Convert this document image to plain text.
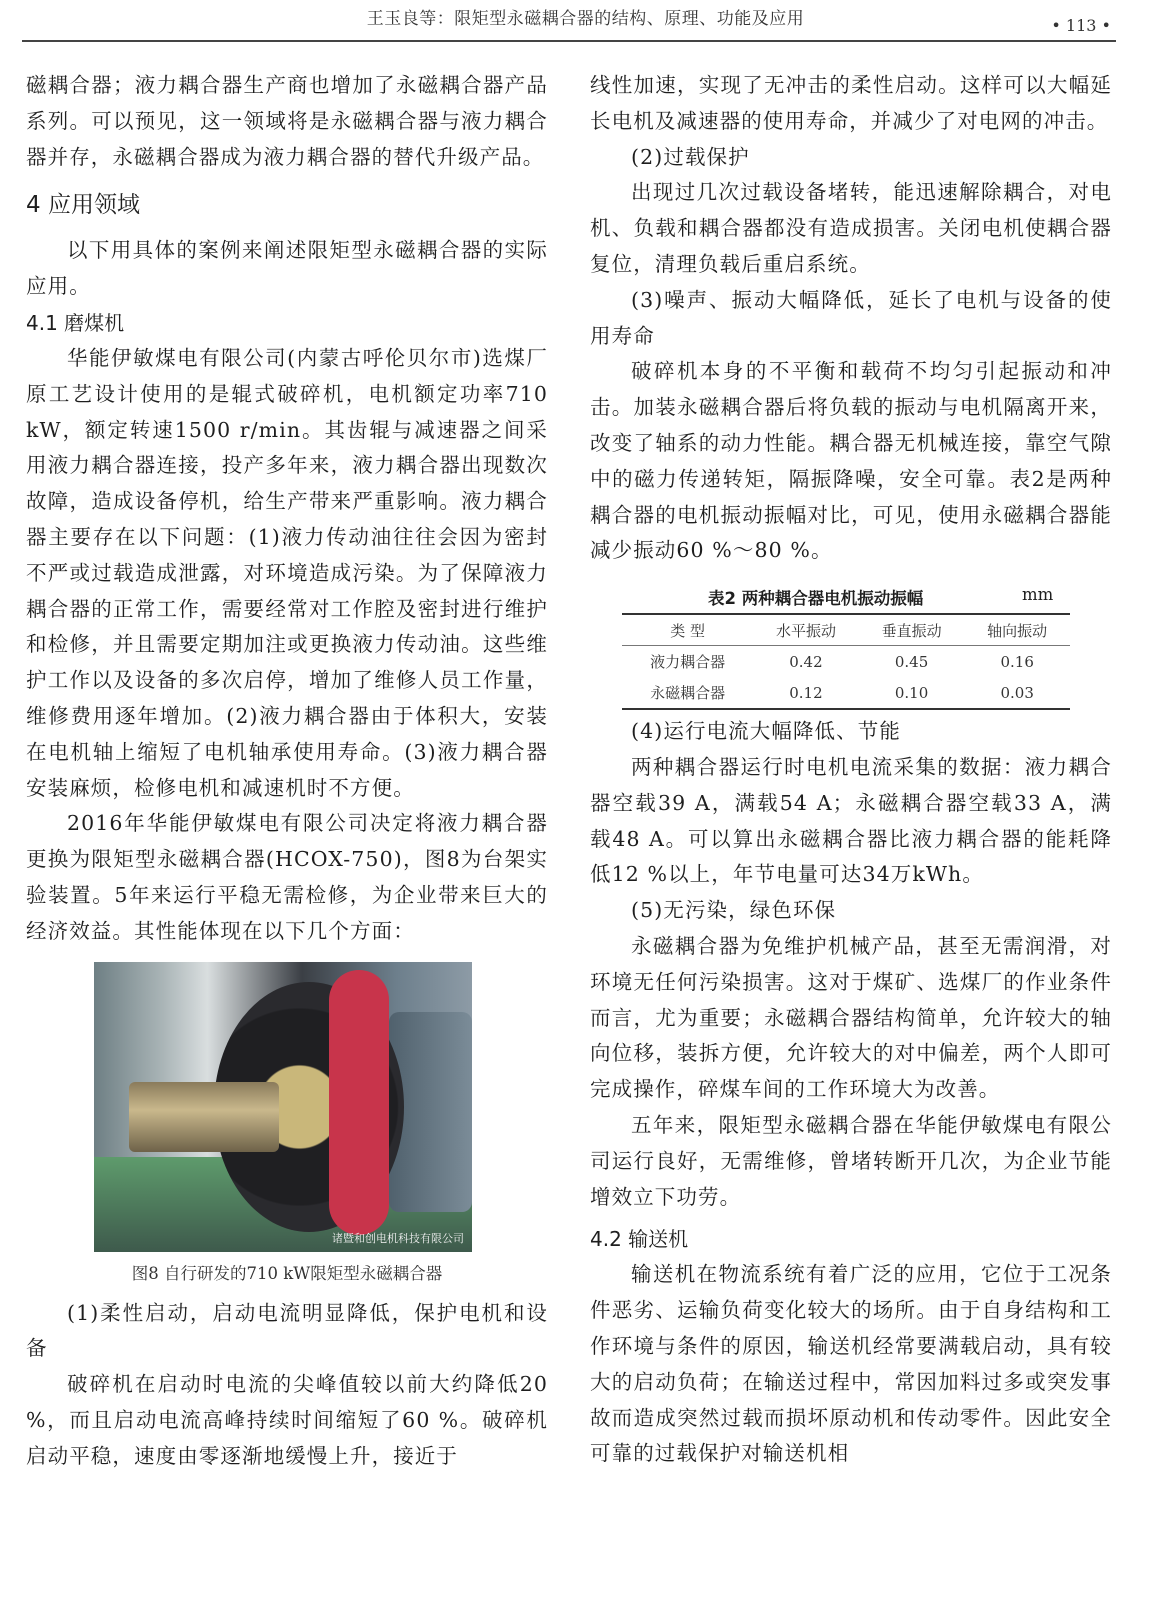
王玉良等：限矩型永磁耦合器的结构、原理、功能及应用	• 113 •

磁耦合器；液力耦合器生产商也增加了永磁耦合器产品系列。可以预见，这一领域将是永磁耦合器与液力耦合器并存，永磁耦合器成为液力耦合器的替代升级产品。

4 应用领域

以下用具体的案例来阐述限矩型永磁耦合器的实际应用。

4.1 磨煤机

华能伊敏煤电有限公司(内蒙古呼伦贝尔市)选煤厂原工艺设计使用的是辊式破碎机，电机额定功率710 kW，额定转速1500 r/min。其齿辊与减速器之间采用液力耦合器连接，投产多年来，液力耦合器出现数次故障，造成设备停机，给生产带来严重影响。液力耦合器主要存在以下问题：(1)液力传动油往往会因为密封不严或过载造成泄露，对环境造成污染。为了保障液力耦合器的正常工作，需要经常对工作腔及密封进行维护和检修，并且需要定期加注或更换液力传动油。这些维护工作以及设备的多次启停，增加了维修人员工作量，维修费用逐年增加。(2)液力耦合器由于体积大，安装在电机轴上缩短了电机轴承使用寿命。(3)液力耦合器安装麻烦，检修电机和减速机时不方便。

2016年华能伊敏煤电有限公司决定将液力耦合器更换为限矩型永磁耦合器(HCOX-750)，图8为台架实验装置。5年来运行平稳无需检修，为企业带来巨大的经济效益。其性能体现在以下几个方面：

诸暨和创电机科技有限公司
图8 自行研发的710 kW限矩型永磁耦合器

(1)柔性启动，启动电流明显降低，保护电机和设备

破碎机在启动时电流的尖峰值较以前大约降低20 %，而且启动电流高峰持续时间缩短了60 %。破碎机启动平稳，速度由零逐渐地缓慢上升，接近于

线性加速，实现了无冲击的柔性启动。这样可以大幅延长电机及减速器的使用寿命，并减少了对电网的冲击。

(2)过载保护

出现过几次过载设备堵转，能迅速解除耦合，对电机、负载和耦合器都没有造成损害。关闭电机使耦合器复位，清理负载后重启系统。

(3)噪声、振动大幅降低，延长了电机与设备的使用寿命

破碎机本身的不平衡和载荷不均匀引起振动和冲击。加装永磁耦合器后将负载的振动与电机隔离开来，改变了轴系的动力性能。耦合器无机械连接，靠空气隙中的磁力传递转矩，隔振降噪，安全可靠。表2是两种耦合器的电机振动振幅对比，可见，使用永磁耦合器能减少振动60 %～80 %。

表2 两种耦合器电机振动振幅	mm
类 型	水平振动	垂直振动	轴向振动
液力耦合器	0.42	0.45	0.16
永磁耦合器	0.12	0.10	0.03

(4)运行电流大幅降低、节能

两种耦合器运行时电机电流采集的数据：液力耦合器空载39 A，满载54 A；永磁耦合器空载33 A，满载48 A。可以算出永磁耦合器比液力耦合器的能耗降低12 %以上，年节电量可达34万kWh。

(5)无污染，绿色环保

永磁耦合器为免维护机械产品，甚至无需润滑，对环境无任何污染损害。这对于煤矿、选煤厂的作业条件而言，尤为重要；永磁耦合器结构简单，允许较大的轴向位移，装拆方便，允许较大的对中偏差，两个人即可完成操作，碎煤车间的工作环境大为改善。

五年来，限矩型永磁耦合器在华能伊敏煤电有限公司运行良好，无需维修，曾堵转断开几次，为企业节能增效立下功劳。

4.2 输送机

输送机在物流系统有着广泛的应用，它位于工况条件恶劣、运输负荷变化较大的场所。由于自身结构和工作环境与条件的原因，输送机经常要满载启动，具有较大的启动负荷；在输送过程中，常因加料过多或突发事故而造成突然过载而损坏原动机和传动零件。因此安全可靠的过载保护对输送机相
